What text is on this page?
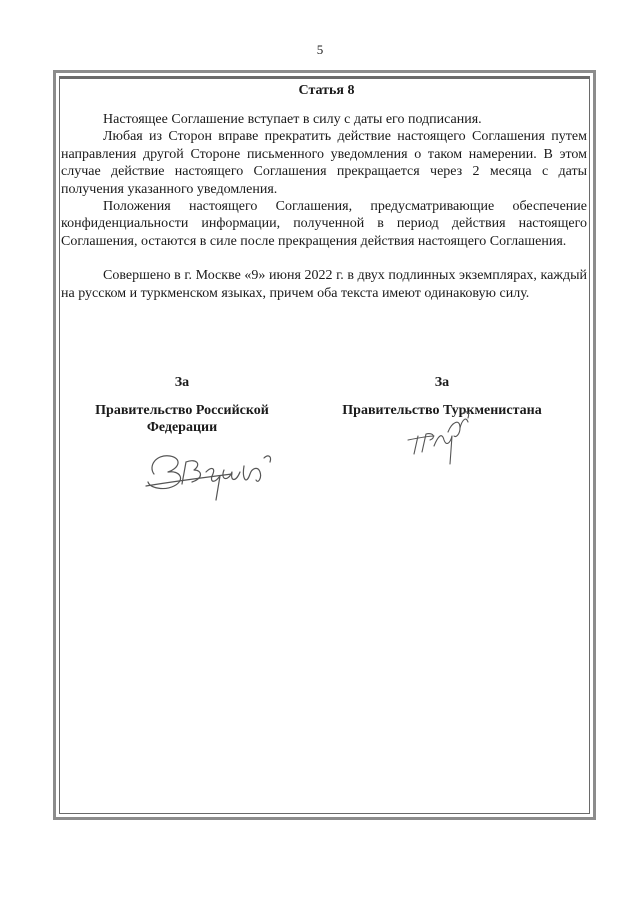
5
Статья 8

Настоящее Соглашение вступает в силу с даты его подписания.

Любая из Сторон вправе прекратить действие настоящего Соглашения путем направления другой Стороне письменного уведомления о таком намерении. В этом случае действие настоящего Соглашения прекращается через 2 месяца с даты получения указанного уведомления.

Положения настоящего Соглашения, предусматривающие обеспечение конфиденциальности информации, полученной в период действия настоящего Соглашения, остаются в силе после прекращения действия настоящего Соглашения.

Совершено в г. Москве «9» июня 2022 г. в двух подлинных экземплярах, каждый на русском и туркменском языках, причем оба текста имеют одинаковую силу.

За
Правительство Российской Федерации
За
Правительство Туркменистана
